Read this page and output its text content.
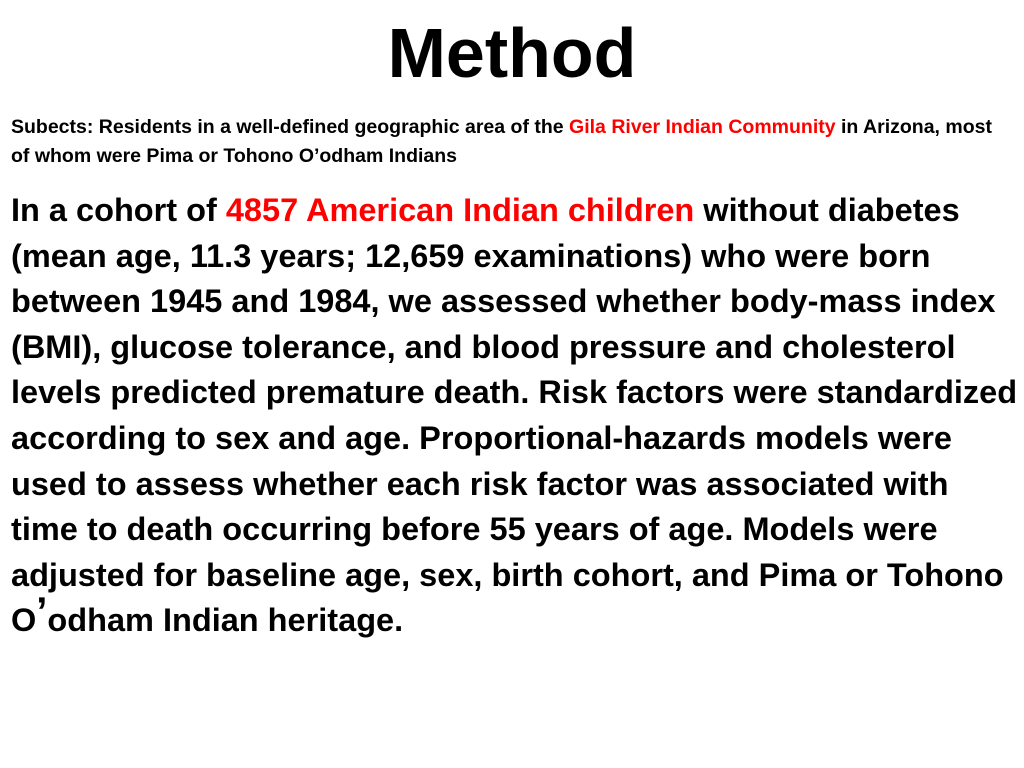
Method

Subects: Residents in a well-defined geographic area of the Gila River Indian Community in Arizona, most of whom were Pima or Tohono O’odham Indians

In a cohort of 4857 American Indian children without diabetes (mean age, 11.3 years; 12,659 examinations) who were born between 1945 and 1984, we assessed whether body-mass index (BMI), glucose tolerance, and blood pressure and cholesterol levels predicted premature death. Risk factors were standardized according to sex and age. Proportional-hazards models were used to assess whether each risk factor was associated with time to death occurring before 55 years of age. Models were adjusted for baseline age, sex, birth cohort, and Pima or Tohono O’odham Indian heritage.
